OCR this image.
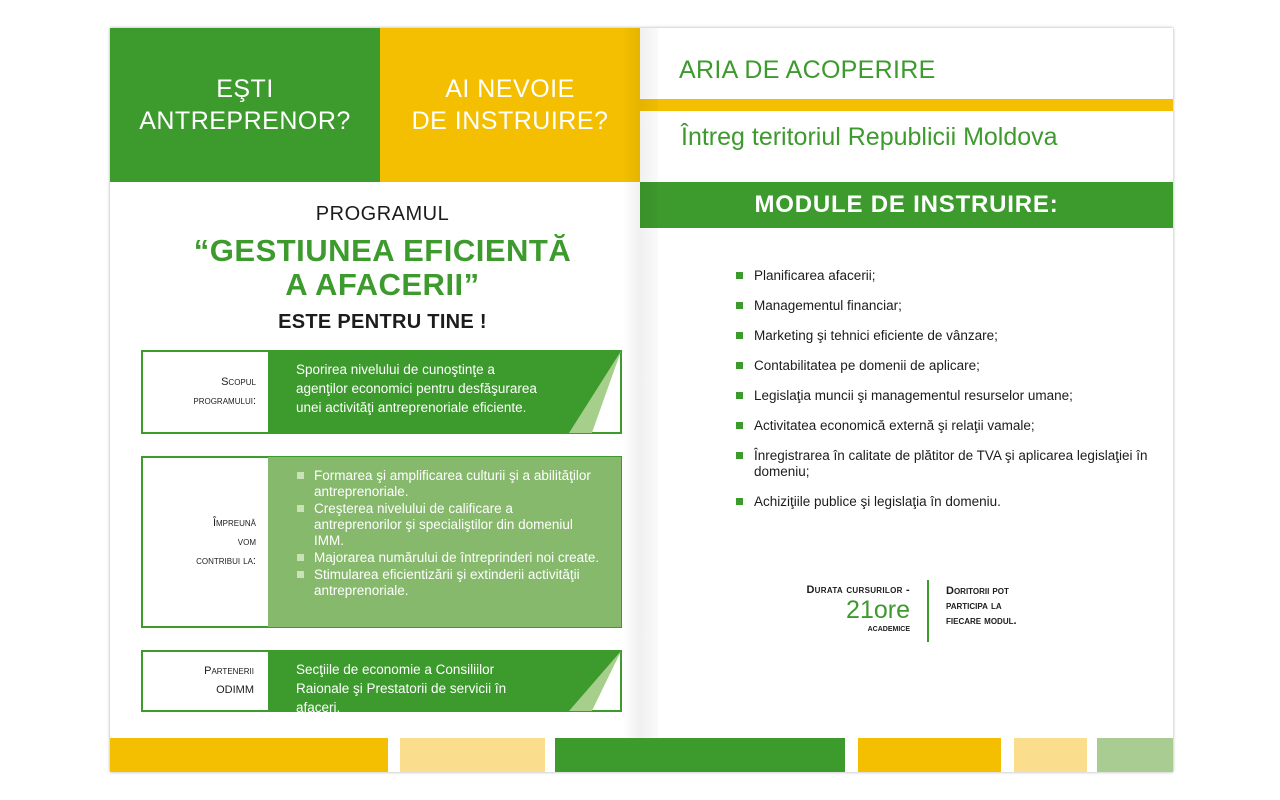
EŞTI
ANTREPRENOR?
AI NEVOIE
DE INSTRUIRE?
PROGRAMUL
“GESTIUNEA EFICIENTĂ
A AFACERII”
ESTE PENTRU TINE !
Scopul
programului:
Sporirea nivelului de cunoştinţe a agenţilor economici pentru desfăşurarea unei activităţi antreprenoriale eficiente.
Împreună
vom
contribui la:
Formarea şi amplificarea culturii şi a abilităţilor antreprenoriale.
Creşterea nivelului de calificare a antreprenorilor şi specialiştilor din domeniul IMM.
Majorarea numărului de întreprinderi noi create.
Stimularea eficientizării şi extinderii activităţii antreprenoriale.
Partenerii
ODIMM
Secţiile de economie a Consiliilor Raionale şi Prestatorii de servicii în afaceri.
ARIA DE ACOPERIRE
Întreg teritoriul Republicii Moldova
MODULE DE INSTRUIRE:
Planificarea afacerii;
Managementul financiar;
Marketing şi tehnici eficiente de vânzare;
Contabilitatea pe domenii de aplicare;
Legislaţia muncii şi managementul resurselor umane;
Activitatea economică externă şi relaţii vamale;
Înregistrarea în calitate de plătitor de TVA şi aplicarea legislaţiei în domeniu;
Achiziţiile publice şi legislaţia în domeniu.
Durata cursurilor -
21ore
academice
Doritorii pot
participa la
fiecare modul.
